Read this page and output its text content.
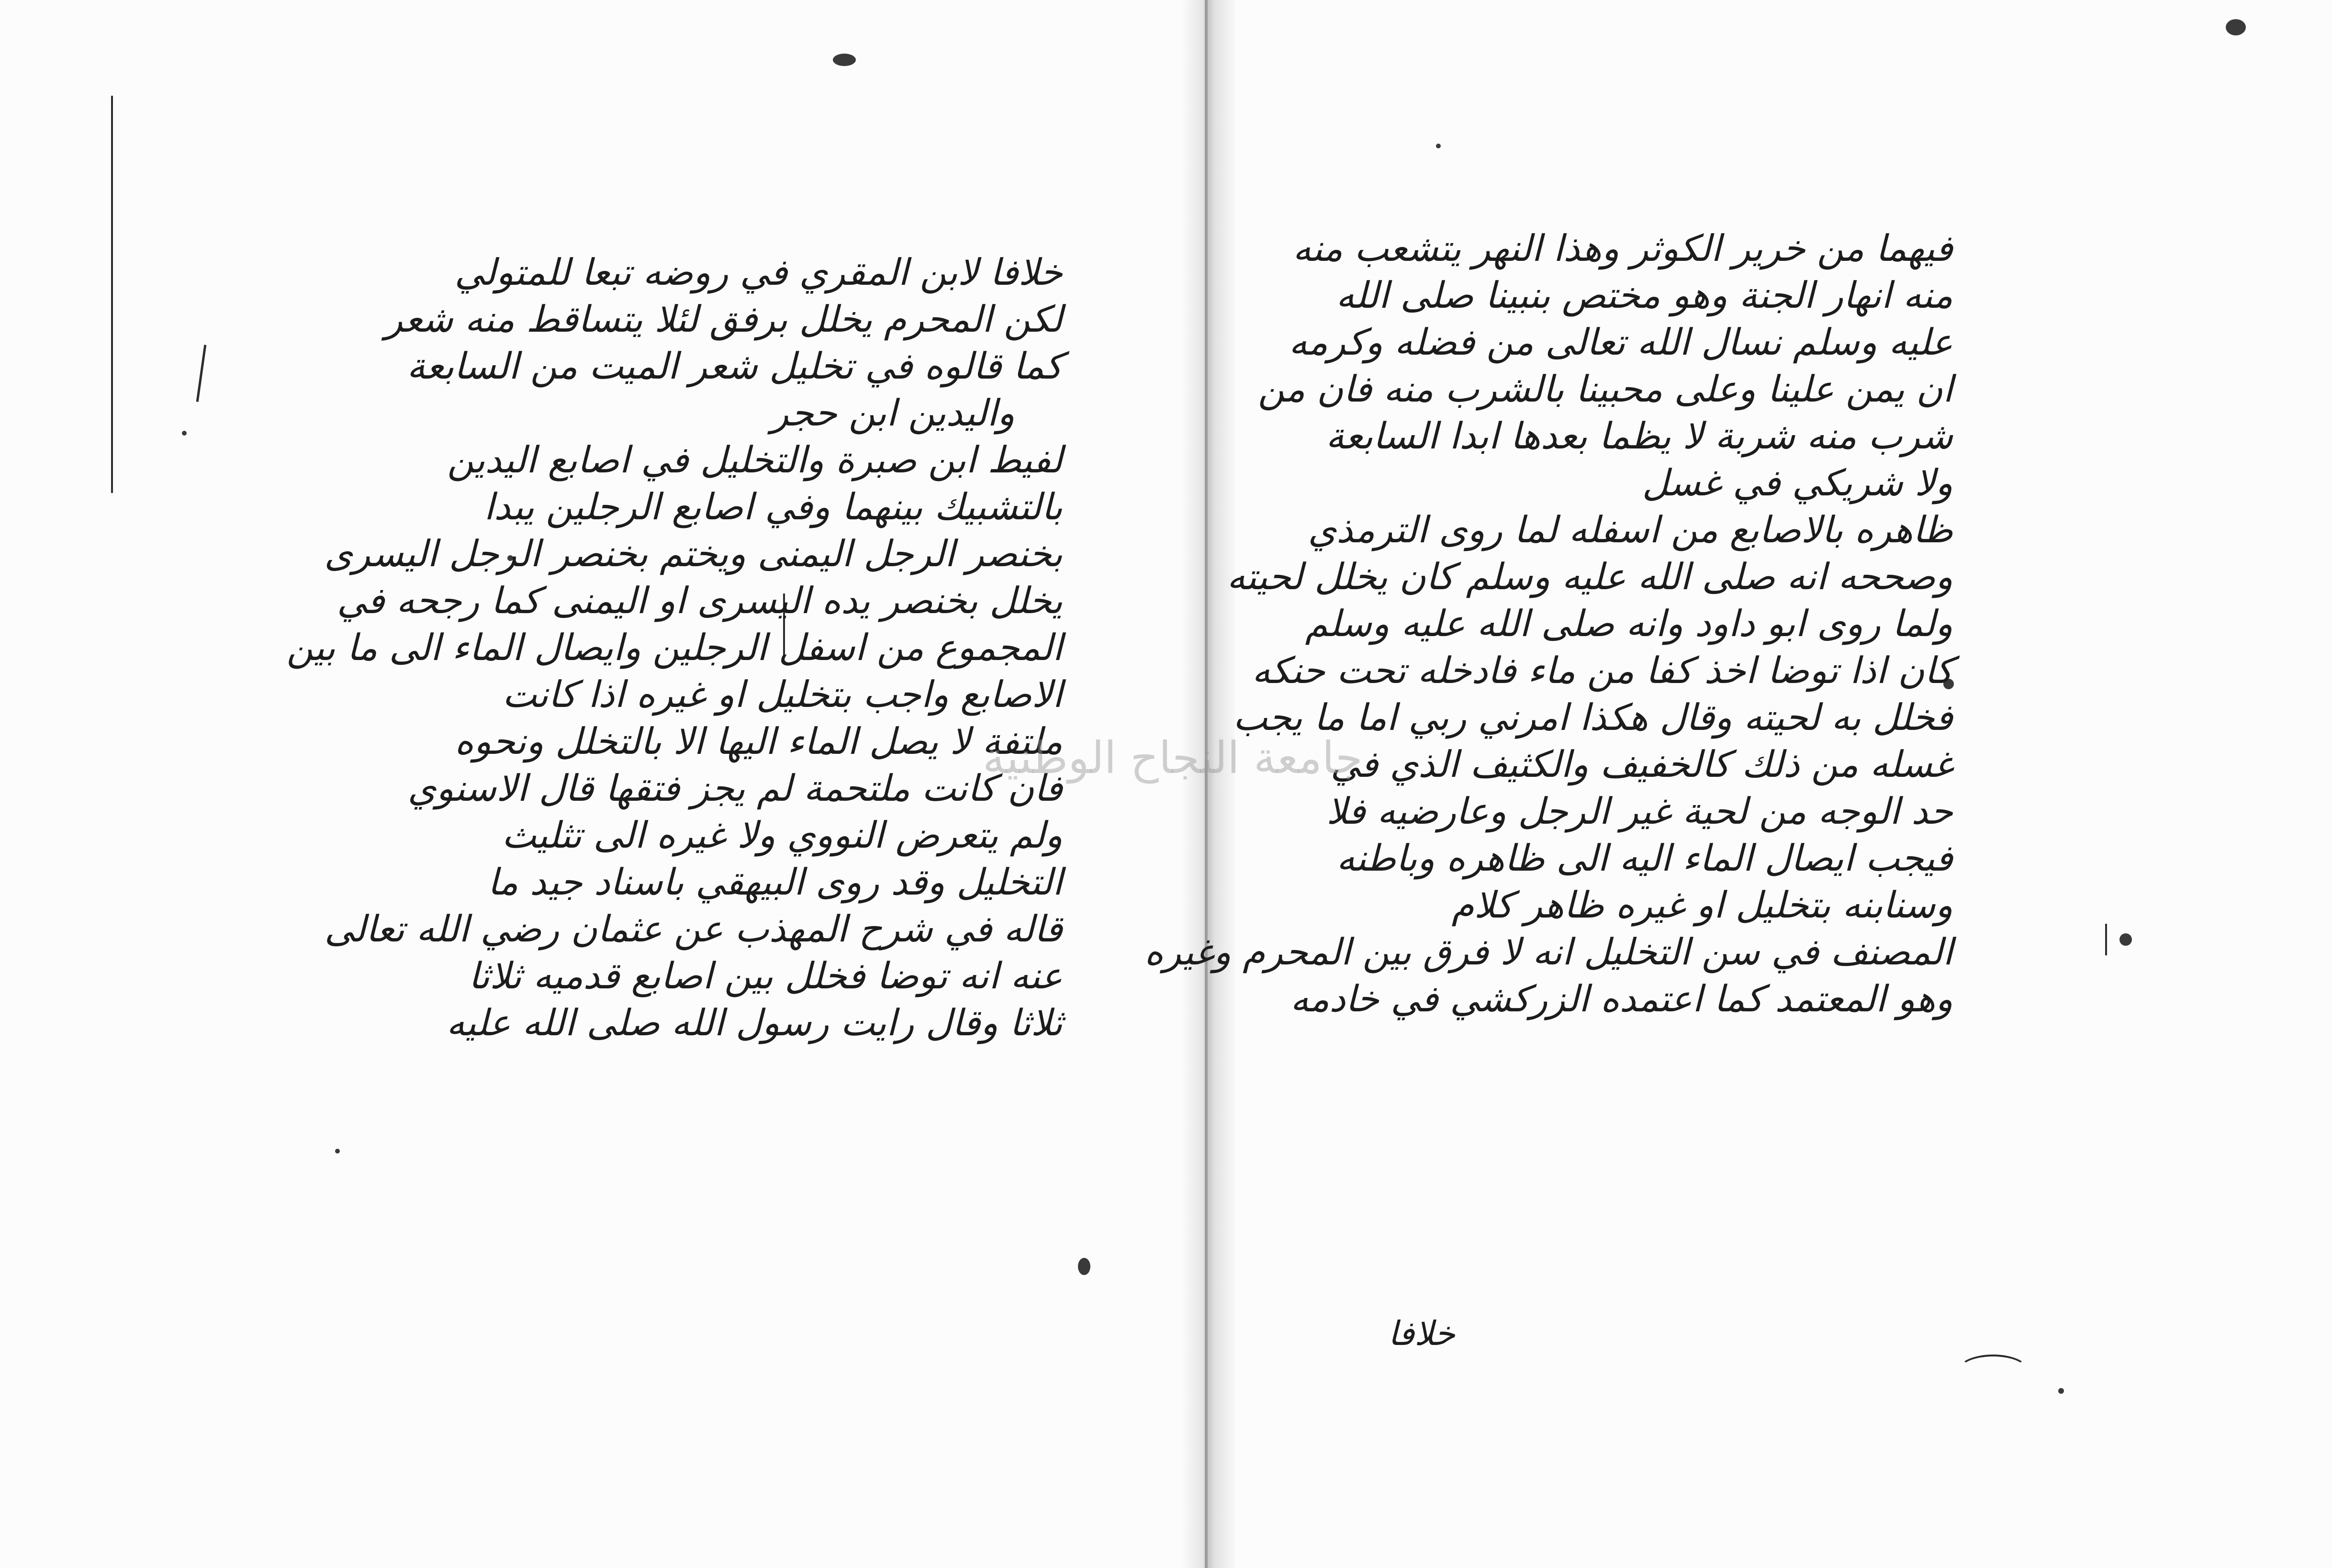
خلافا لابن المقري في روضه تبعا للمتولي
لكن المحرم يخلل برفق لئلا يتساقط منه شعر
كما قالوه في تخليل شعر الميت من السابعة
واليدين ابن حجر
لفيط ابن صبرة والتخليل في اصابع اليدين
بالتشبيك بينهما وفي اصابع الرجلين يبدا
بخنصر الرجل اليمنى ويختم بخنصر الرجل اليسرى
يخلل بخنصر يده اليسرى او اليمنى كما رجحه في
المجموع من اسفل الرجلين وايصال الماء الى ما بين
الاصابع واجب بتخليل او غيره اذا كانت
ملتفة لا يصل الماء اليها الا بالتخلل ونحوه
فان كانت ملتحمة لم يجز فتقها قال الاسنوي
ولم يتعرض النووي ولا غيره الى تثليث
التخليل وقد روى البيهقي باسناد جيد ما
قاله في شرح المهذب عن عثمان رضي الله تعالى
عنه انه توضا فخلل بين اصابع قدميه ثلاثا
ثلاثا وقال رايت رسول الله صلى الله عليه
فيهما من خرير الكوثر وهذا النهر يتشعب منه
منه انهار الجنة وهو مختص بنبينا صلى الله
عليه وسلم نسال الله تعالى من فضله وكرمه
ان يمن علينا وعلى محبينا بالشرب منه فان من
شرب منه شربة لا يظما بعدها ابدا السابعة
ولا شريكي في غسل
ظاهره بالاصابع من اسفله لما روى الترمذي
وصححه انه صلى الله عليه وسلم كان يخلل لحيته
ولما روى ابو داود وانه صلى الله عليه وسلم
كان اذا توضا اخذ كفا من ماء فادخله تحت حنكه
فخلل به لحيته وقال هكذا امرني ربي اما ما يجب
غسله من ذلك كالخفيف والكثيف الذي في
حد الوجه من لحية غير الرجل وعارضيه فلا
فيجب ايصال الماء اليه الى ظاهره وباطنه
وسنابنه بتخليل او غيره ظاهر كلام
المصنف في سن التخليل انه لا فرق بين المحرم وغيره
وهو المعتمد كما اعتمده الزركشي في خادمه
خلافا
جامعة النجاح الوطنية
